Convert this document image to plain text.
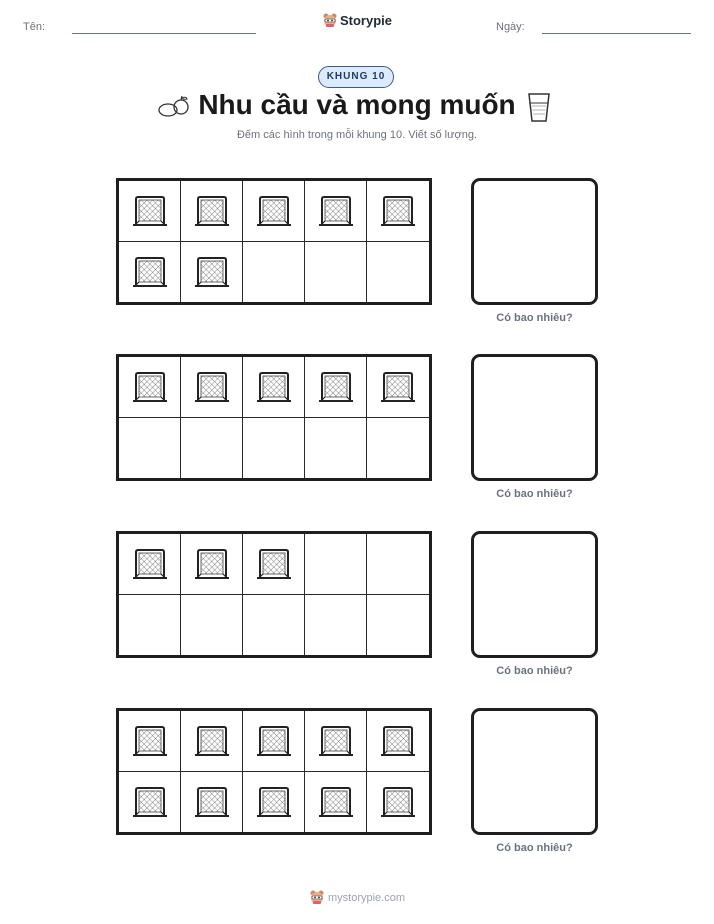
Tên:	Storypie	Ngày:
KHUNG 10
Nhu cầu và mong muốn
Đếm các hình trong mỗi khung 10. Viết số lượng.
Có bao nhiêu?
Có bao nhiêu?
Có bao nhiêu?
Có bao nhiêu?
mystorypie.com
